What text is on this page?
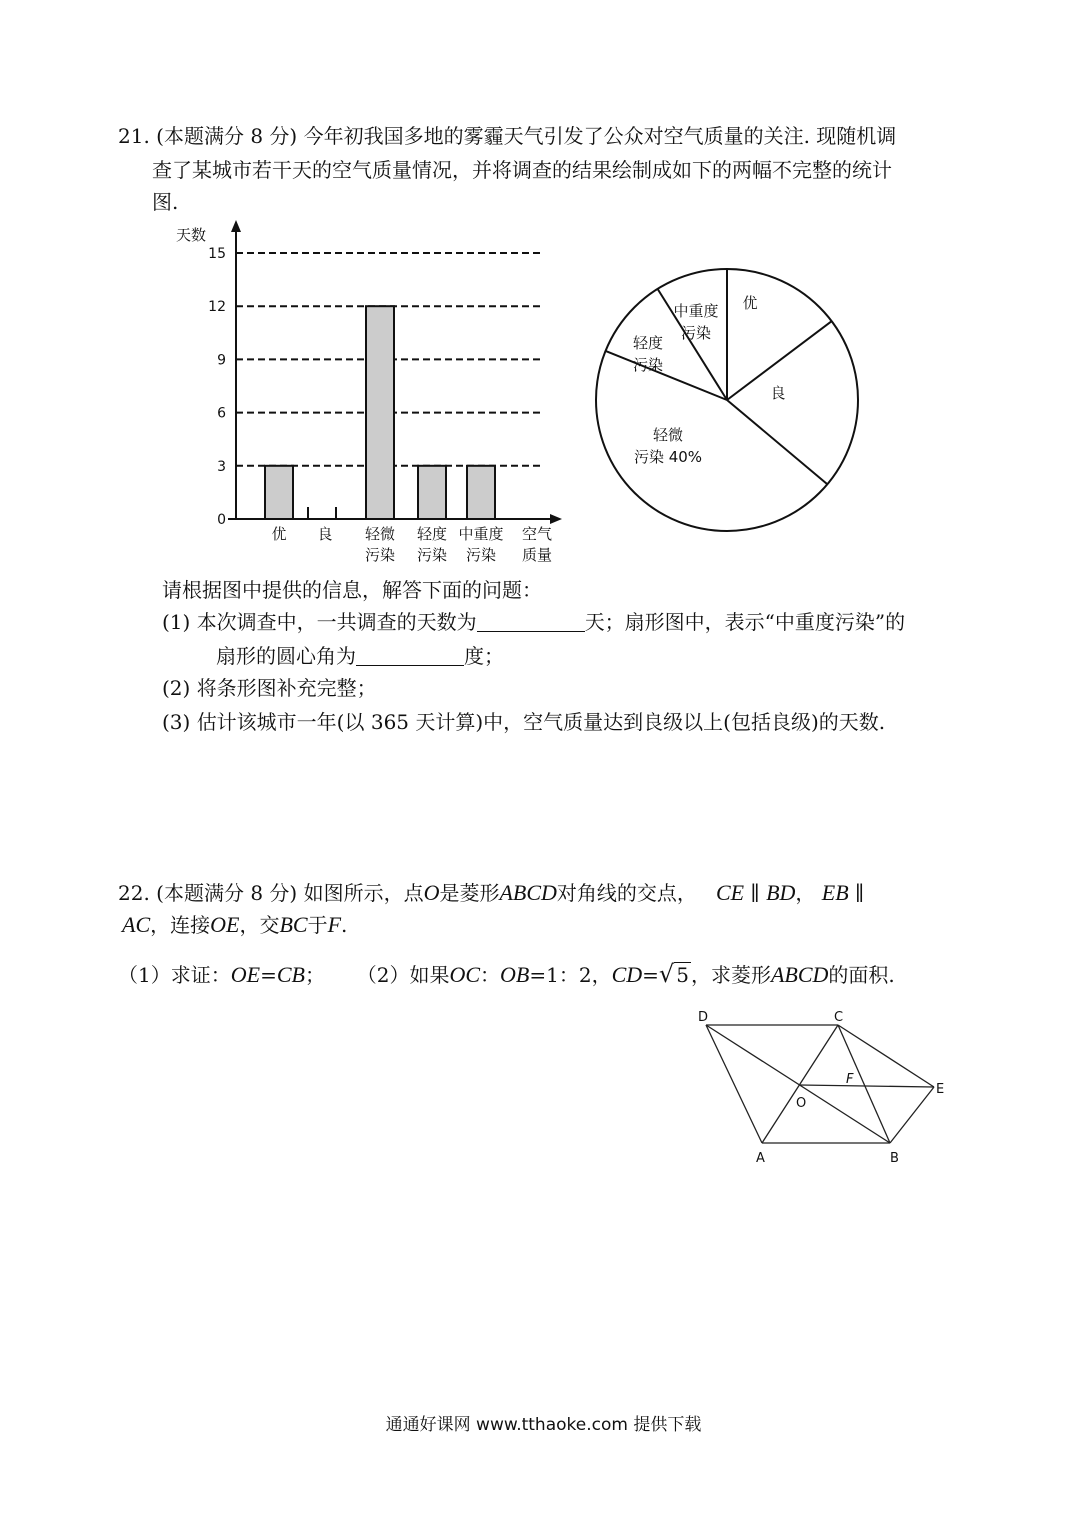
21. (本题满分 8 分) 今年初我国多地的雾霾天气引发了公众对空气质量的关注. 现随机调
查了某城市若干天的空气质量情况，并将调查的结果绘制成如下的两幅不完整的统计
图.
天数
15
12
9
6
3
0
优 良 轻微
污染
轻度
污染
中重度
污染
空气
质量
优
良
轻微
污染 40%
轻度
污染
中重度
污染
请根据图中提供的信息，解答下面的问题：
(1) 本次调查中，一共调查的天数为	天；扇形图中，表示“中重度污染”的
扇形的圆心角为	度；
(2) 将条形图补充完整；
(3) 估计该城市一年(以 365 天计算)中，空气质量达到良级以上(包括良级)的天数.
22. (本题满分 8 分) 如图所示，点O是菱形ABCD对角线的交点， CE ∥ BD， EB ∥
AC，连接OE，交BC于F.
（1）求证：OE=CB； （2）如果OC：OB=1：2，CD=√ 5 ，求菱形ABCD的面积.
D	C
E
F
O
A	B
通通好课网 www.tthaoke.com 提供下载
